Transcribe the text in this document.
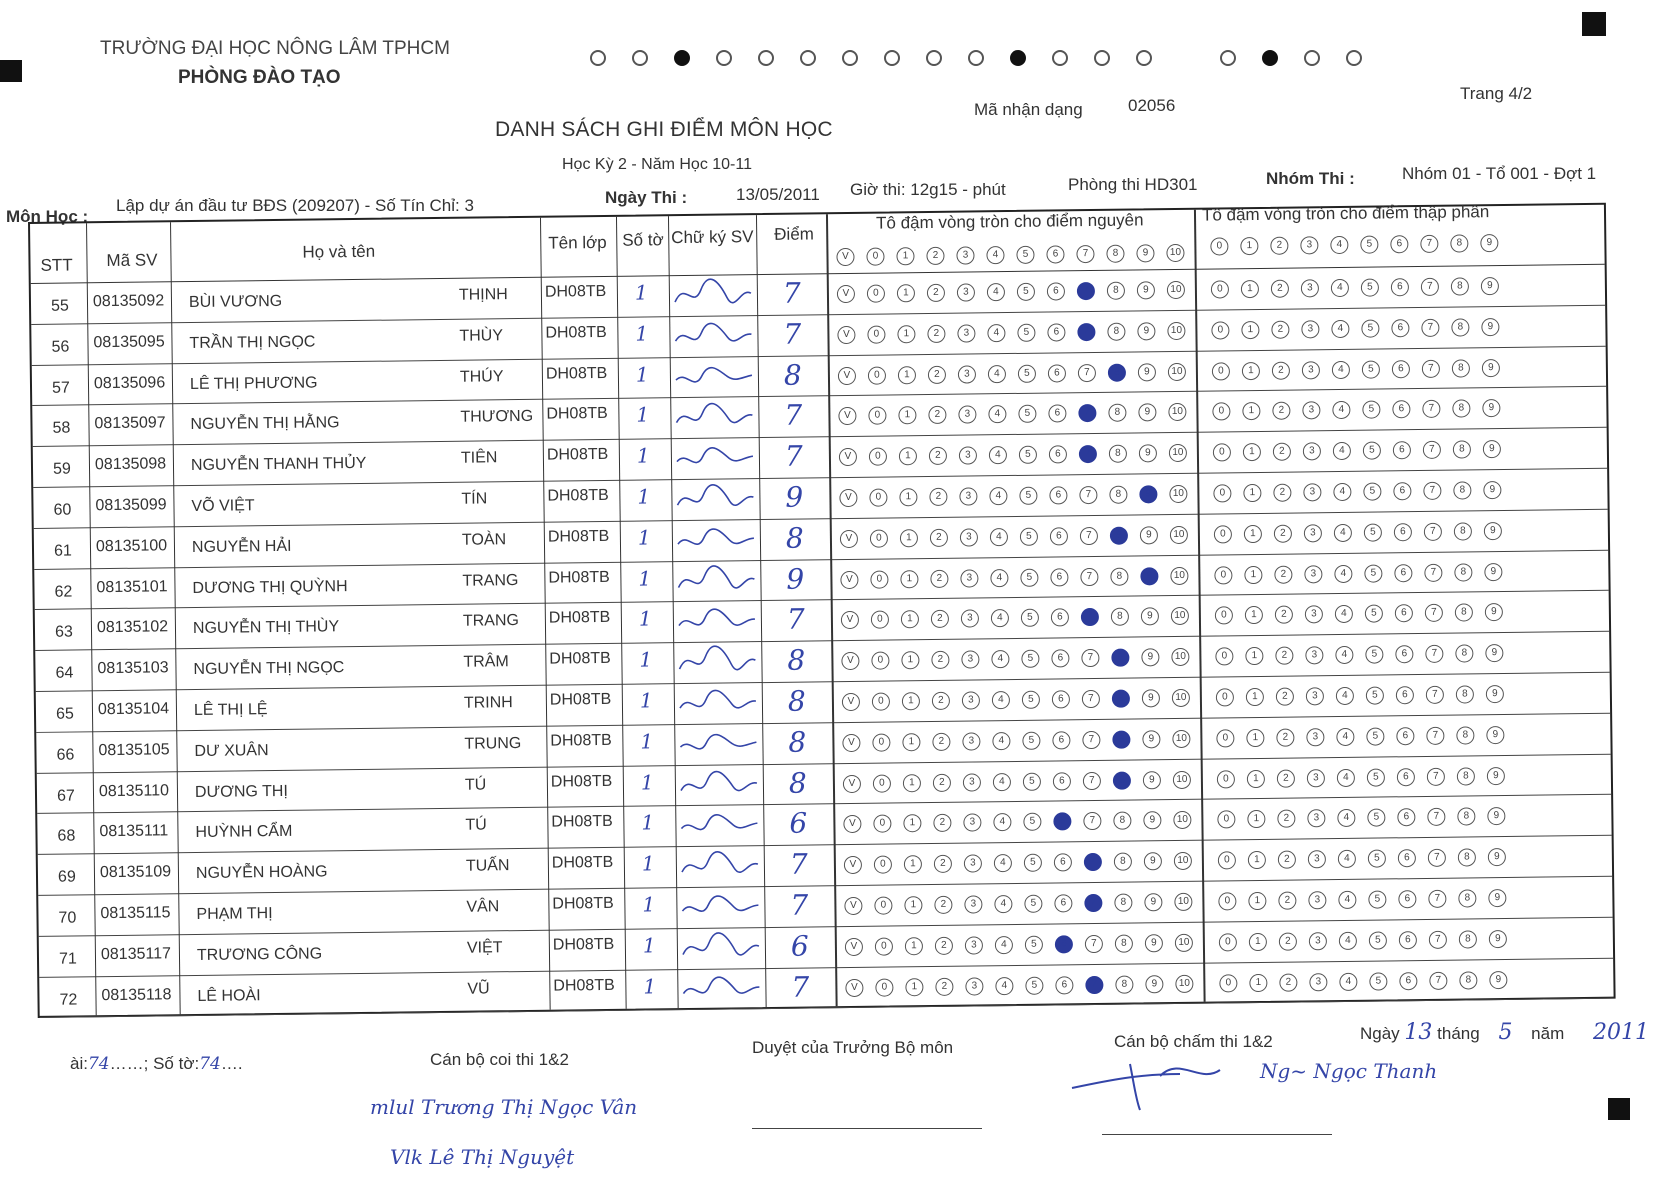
TRƯỜNG ĐẠI HỌC NÔNG LÂM TPHCM
PHÒNG ĐÀO TẠO
Trang 4/2
Mã nhận dạng	02056
DANH SÁCH GHI ĐIỂM MÔN HỌC
Học Kỳ 2 - Năm Học 10-11
Môn Học :
Lập dự án đầu tư BĐS (209207) - Số Tín Chỉ: 3	Ngày Thi :	13/05/2011 Giờ thi: 12g15 - phút	Phòng thi HD301	Nhóm Thi :	Nhóm 01 - Tổ 001 - Đợt 1
STT Mã SV	Họ và tên	Tên lớp Số tờ Chữ ký SV Điểm
Tô đậm vòng tròn cho điểm nguyên	Tô đậm vòng tròn cho điểm thập phân
V	0	1	2	3	4	5	6	7	8	9	10
0	1	2	3	4	5	6	7	8	9
55 08135092 BÙI VƯƠNG	THỊNH DH08TB 1	7	V	0	1	2	3	4	5	6	7	8	9	10	0	1	2	3	4	5	6	7	8	9
56 08135095 TRẦN THỊ NGỌC	THÙY	DH08TB 1	7	V	0	1	2	3	4	5	6	7	8	9	10	0	1	2	3	4	5	6	7	8	9
57 08135096 LÊ THỊ PHƯƠNG	THÚY	DH08TB 1	8	V	0	1	2	3	4	5	6	7	8	9	10	0	1	2	3	4	5	6	7	8	9
58 08135097 NGUYỄN THỊ HẰNG	THƯƠNG DH08TB 1	7	V	0	1	2	3	4	5	6	7	8	9	10	0	1	2	3	4	5	6	7	8	9
59 08135098 NGUYỄN THANH THỦY	TIÊN	DH08TB 1	7	V	0	1	2	3	4	5	6	7	8	9	10	0	1	2	3	4	5	6	7	8	9
60 08135099 VÕ VIỆT	TÍN	DH08TB 1	9	V	0	1	2	3	4	5	6	7	8	9	10	0	1	2	3	4	5	6	7	8	9
61 08135100 NGUYỄN HẢI	TOÀN	DH08TB 1	8	V	0	1	2	3	4	5	6	7	8	9	10	0	1	2	3	4	5	6	7	8	9
62 08135101 DƯƠNG THỊ QUỲNH	TRANG DH08TB 1	9	V	0	1	2	3	4	5	6	7	8	9	10	0	1	2	3	4	5	6	7	8	9
63 08135102 NGUYỄN THỊ THÙY	TRANG DH08TB 1	7	V	0	1	2	3	4	5	6	7	8	9	10	0	1	2	3	4	5	6	7	8	9
64 08135103 NGUYỄN THỊ NGỌC	TRÂM	DH08TB 1	8	V	0	1	2	3	4	5	6	7	8	9	10	0	1	2	3	4	5	6	7	8	9
65 08135104 LÊ THỊ LỆ	TRINH DH08TB 1	8	V	0	1	2	3	4	5	6	7	8	9	10	0	1	2	3	4	5	6	7	8	9
66 08135105 DƯ XUÂN	TRUNG DH08TB 1	8	V	0	1	2	3	4	5	6	7	8	9	10	0	1	2	3	4	5	6	7	8	9
67 08135110 DƯƠNG THỊ	TÚ	DH08TB 1	8	V	0	1	2	3	4	5	6	7	8	9	10	0	1	2	3	4	5	6	7	8	9
68 08135111 HUỲNH CẨM	TÚ	DH08TB 1	6	V	0	1	2	3	4	5	6	7	8	9	10	0	1	2	3	4	5	6	7	8	9
69 08135109 NGUYỄN HOÀNG	TUẤN	DH08TB 1	7	V	0	1	2	3	4	5	6	7	8	9	10	0	1	2	3	4	5	6	7	8	9
70 08135115 PHẠM THỊ	VÂN	DH08TB 1	7	V	0	1	2	3	4	5	6	7	8	9	10	0	1	2	3	4	5	6	7	8	9
71 08135117 TRƯƠNG CÔNG	VIỆT	DH08TB 1	6	V	0	1	2	3	4	5	6	7	8	9	10	0	1	2	3	4	5	6	7	8	9
72 08135118 LÊ HOÀI	VŨ	DH08TB 1	7	V	0	1	2	3	4	5	6	7	8	9	10	0	1	2	3	4	5	6	7	8	9
ài:74……; Số tờ:74….	Cán bộ coi thi 1&2
Duyệt của Trưởng Bộ môn	Cán bộ chấm thi 1&2	Ngày 13 tháng 5 năm 2011
mlul Trương Thị Ngọc Vân
Vlk Lê Thị Nguyệt
Ng~ Ngọc Thanh
